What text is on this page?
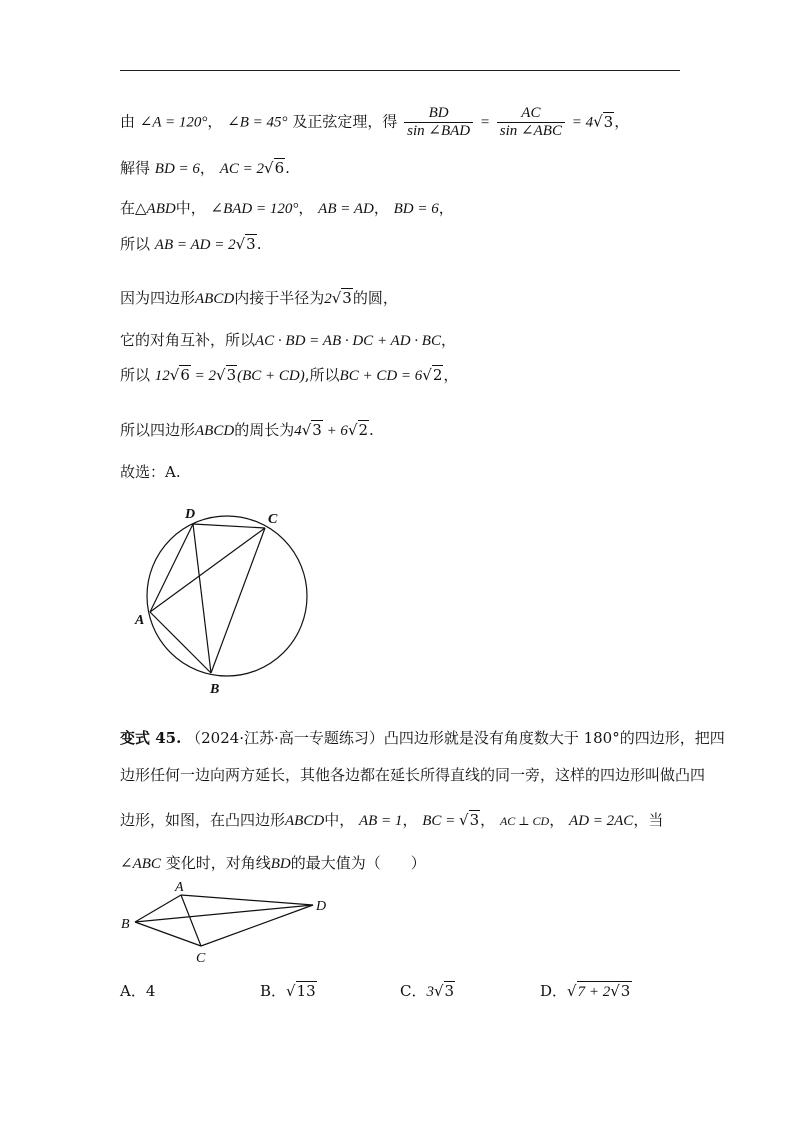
由 ∠A = 120°， ∠B = 45° 及正弦定理，得 $\frac{BD}{\text{sin ∠BAD}} = \frac{AC}{\text{sin ∠ABC}} = 4√3$，
解得 BD = 6， AC = 2√6.
在△ABD中， ∠BAD = 120°， AB = AD， BD = 6，
所以 AB = AD = 2√3.
因为四边形ABCD内接于半径为2√3的圆，
它的对角互补，所以AC · BD = AB · DC + AD · BC，
所以 12√6 = 2√3(BC + CD),所以BC + CD = 6√2，
所以四边形ABCD的周长为4√3 + 6√2.
故选：A.
D	C
A
B
变式 45. （2024·江苏·高一专题练习）凸四边形就是没有角度数大于 180°的四边形，把四
边形任何一边向两方延长，其他各边都在延长所得直线的同一旁，这样的四边形叫做凸四
边形，如图，在凸四边形ABCD中， AB = 1， BC = √3， AC ⊥ CD， AD = 2AC，当
∠ABC 变化时，对角线BD的最大值为（　　）
A
B
C
D
A．4	B．√13	C．3√3	D．√7 + 2√3
